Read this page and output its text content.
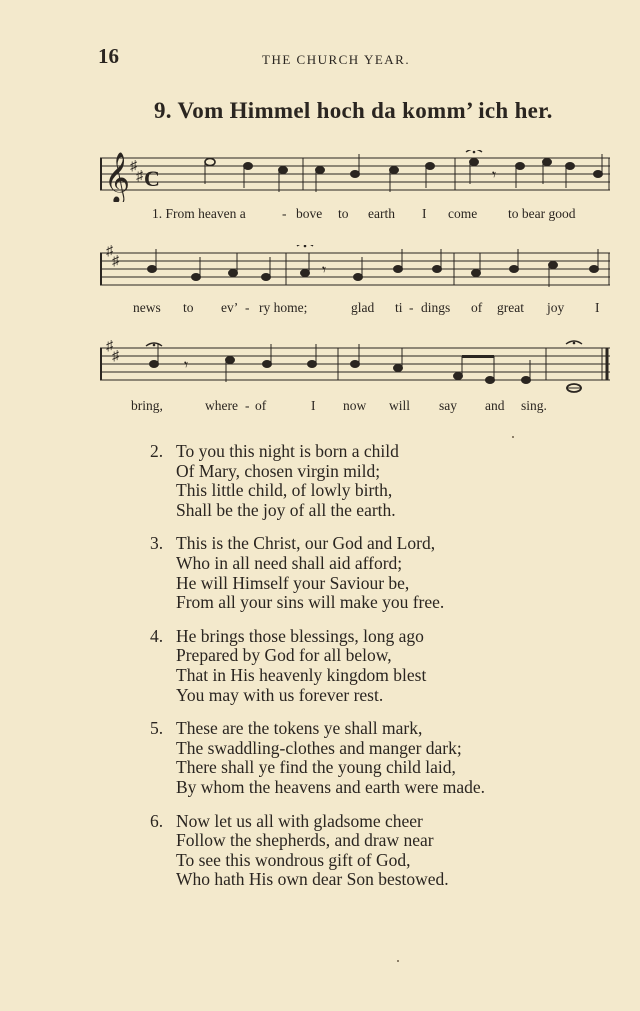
16	THE CHURCH YEAR.
9. Vom Himmel hoch da komm’ ich her.
𝄞 ♯
♯ C	𝄾
1. From heaven a	- bove	to	earth	I	come	to bear good
♯
♯
𝄾
news	to	ev’ - ry home;	glad	ti - dings	of	great	joy	I
♯
♯
𝄾
bring,	where - of	I	now	will	say	and	sing.
2. To you this night is born a child
Of Mary, chosen virgin mild;
This little child, of lowly birth,
Shall be the joy of all the earth.
3. This is the Christ, our God and Lord,
Who in all need shall aid afford;
He will Himself your Saviour be,
From all your sins will make you free.
4. He brings those blessings, long ago
Prepared by God for all below,
That in His heavenly kingdom blest
You may with us forever rest.
5. These are the tokens ye shall mark,
The swaddling-clothes and manger dark;
There shall ye find the young child laid,
By whom the heavens and earth were made.
6. Now let us all with gladsome cheer
Follow the shepherds, and draw near
To see this wondrous gift of God,
Who hath His own dear Son bestowed.
